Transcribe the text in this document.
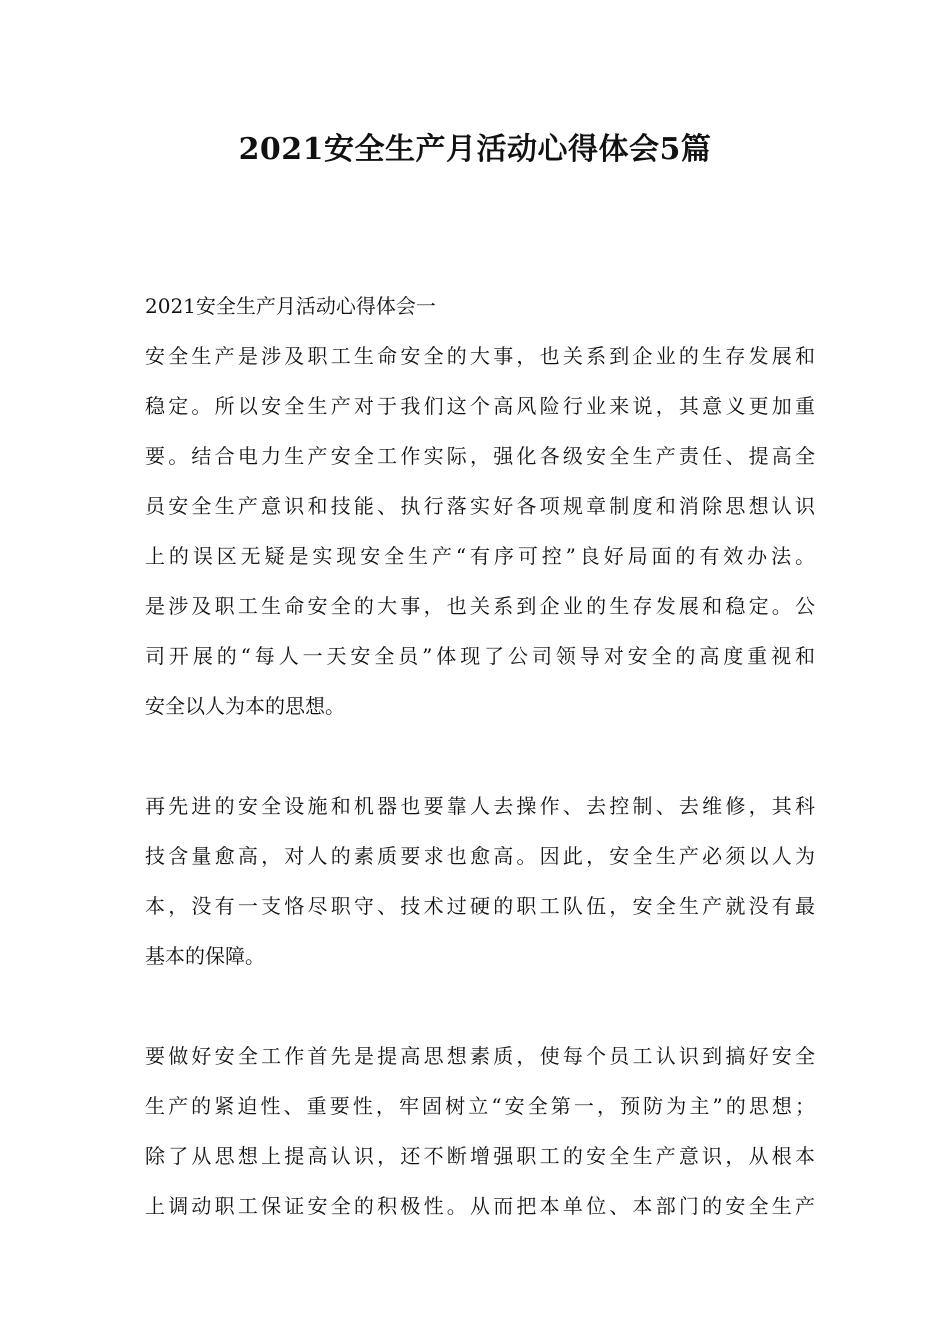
2021安全生产月活动心得体会5篇

2021安全生产月活动心得体会一

安全生产是涉及职工生命安全的大事，也关系到企业的生存发展和
稳定。所以安全生产对于我们这个高风险行业来说，其意义更加重
要。结合电力生产安全工作实际，强化各级安全生产责任、提高全
员安全生产意识和技能、执行落实好各项规章制度和消除思想认识
上的误区无疑是实现安全生产“有序可控”良好局面的有效办法。
是涉及职工生命安全的大事，也关系到企业的生存发展和稳定。公
司开展的“每人一天安全员”体现了公司领导对安全的高度重视和
安全以人为本的思想。
再先进的安全设施和机器也要靠人去操作、去控制、去维修，其科
技含量愈高，对人的素质要求也愈高。因此，安全生产必须以人为
本，没有一支恪尽职守、技术过硬的职工队伍，安全生产就没有最
基本的保障。
要做好安全工作首先是提高思想素质，使每个员工认识到搞好安全
生产的紧迫性、重要性，牢固树立“安全第一，预防为主”的思想；
除了从思想上提高认识，还不断增强职工的安全生产意识，从根本
上调动职工保证安全的积极性。从而把本单位、本部门的安全生产
